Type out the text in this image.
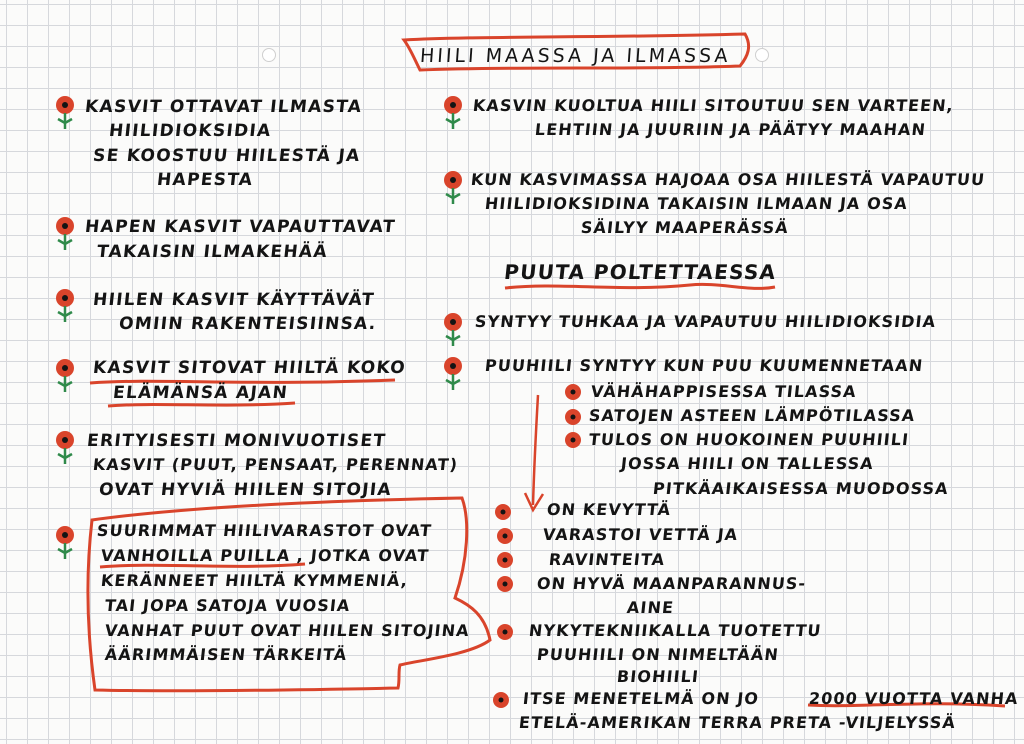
HIILI MAASSA JA ILMASSA
KASVIT OTTAVAT ILMASTA
HIILIDIOKSIDIA
SE KOOSTUU HIILESTÄ JA
HAPESTA
HAPEN KASVIT VAPAUTTAVAT
TAKAISIN ILMAKEHÄÄ
HIILEN KASVIT KÄYTTÄVÄT
OMIIN RAKENTEISIINSA.
KASVIT SITOVAT HIILTÄ KOKO
ELÄMÄNSÄ AJAN
ERITYISESTI MONIVUOTISET
KASVIT (PUUT, PENSAAT, PERENNAT)
OVAT HYVIÄ HIILEN SITOJIA
SUURIMMAT HIILIVARASTOT OVAT
VANHOILLA PUILLA , JOTKA OVAT
KERÄNNEET HIILTÄ KYMMENIÄ,
TAI JOPA SATOJA VUOSIA
VANHAT PUUT OVAT HIILEN SITOJINA
ÄÄRIMMÄISEN TÄRKEITÄ
KASVIN KUOLTUA HIILI SITOUTUU SEN VARTEEN,
LEHTIIN JA JUURIIN JA PÄÄTYY MAAHAN
KUN KASVIMASSA HAJOAA OSA HIILESTÄ VAPAUTUU
HIILIDIOKSIDINA TAKAISIN ILMAAN JA OSA
SÄILYY MAAPERÄSSÄ
PUUTA POLTETTAESSA
SYNTYY TUHKAA JA VAPAUTUU HIILIDIOKSIDIA
PUUHIILI SYNTYY KUN PUU KUUMENNETAAN
VÄHÄHAPPISESSA TILASSA
SATOJEN ASTEEN LÄMPÖTILASSA
TULOS ON HUOKOINEN PUUHIILI
JOSSA HIILI ON TALLESSA
PITKÄAIKAISESSA MUODOSSA
ON KEVYTTÄ
VARASTOI VETTÄ JA
RAVINTEITA
ON HYVÄ MAANPARANNUS-
AINE
NYKYTEKNIIKALLA TUOTETTU
PUUHIILI ON NIMELTÄÄN
BIOHIILI
ITSE MENETELMÄ ON JO	2000 VUOTTA VANHA
ETELÄ-AMERIKAN TERRA PRETA -VILJELYSSÄ
